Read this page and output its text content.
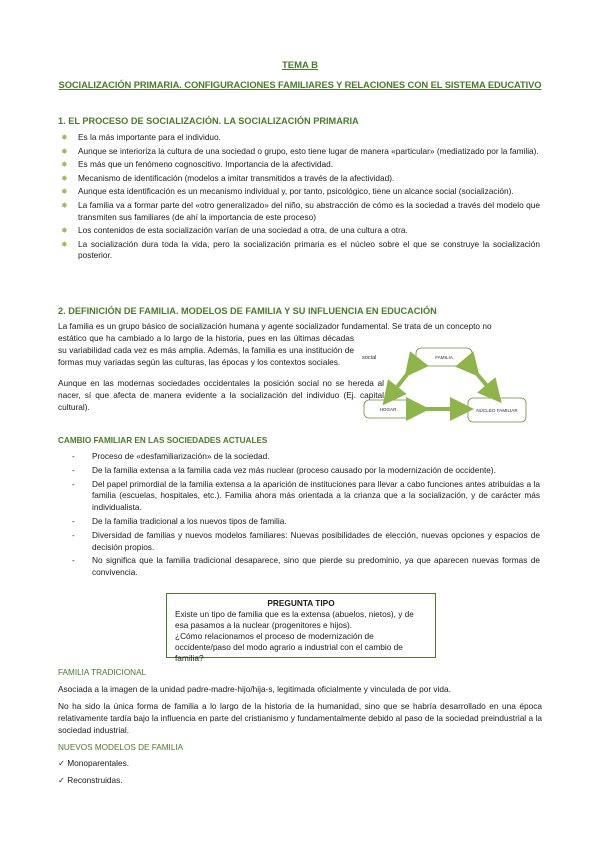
TEMA B
SOCIALIZACIÓN PRIMARIA. CONFIGURACIONES FAMILIARES Y RELACIONES CON EL SISTEMA EDUCATIVO
1. EL PROCESO DE SOCIALIZACIÓN. LA SOCIALIZACIÓN PRIMARIA
✸ Es la más importante para el individuo.
✸ Aunque se interioriza la cultura de una sociedad o grupo, esto tiene lugar de manera «particular» (mediatizado por la familia).
✸ Es más que un fenómeno cognoscitivo. Importancia de la afectividad.
✸ Mecanismo de identificación (modelos a imitar transmitidos a través de la afectividad).
✸ Aunque esta identificación es un mecanismo individual y, por tanto, psicológico, tiene un alcance social (socialización).
✸ La familia va a formar parte del «otro generalizado» del niño, su abstracción de cómo es la sociedad a través del modelo que transmiten sus familiares (de ahí la importancia de este proceso)
✸ Los contenidos de esta socialización varían de una sociedad a otra, de una cultura a otra.
✸ La socialización dura toda la vida, pero la socialización primaria es el núcleo sobre el que se construye la socialización posterior.
2. DEFINICIÓN DE FAMILIA. MODELOS DE FAMILIA Y SU INFLUENCIA EN EDUCACIÓN
La familia es un grupo básico de socialización humana y agente socializador fundamental. Se trata de un concepto no
estático que ha cambiado a lo largo de la historia, pues en las últimas décadas su variabilidad cada vez es más amplia. Además, la familia es una institución de formas muy variadas según las culturas, las épocas y los contextos sociales.
Aunque en las modernas sociedades occidentales la posición social no se hereda al nacer, sí que afecta de manera evidente a la socialización del individuo (Ej. capital cultural).
social	FAMILIA
HOGAR	NÚCLEO FAMILIAR
CAMBIO FAMILIAR EN LAS SOCIEDADES ACTUALES
- Proceso de «desfamiliarización» de la sociedad.
- De la familia extensa a la familia cada vez más nuclear (proceso causado por la modernización de occidente).
- Del papel primordial de la familia extensa a la aparición de instituciones para llevar a cabo funciones antes atribuidas a la familia (escuelas, hospitales, etc.). Familia ahora más orientada a la crianza que a la socialización, y de carácter más individualista.
- De la familia tradicional a los nuevos tipos de familia.
- Diversidad de familias y nuevos modelos familiares: Nuevas posibilidades de elección, nuevas opciones y espacios de decisión propios.
- No significa que la familia tradicional desaparece, sino que pierde su predominio, ya que aparecen nuevas formas de convivencia.
PREGUNTA TIPO
Existe un tipo de familia que es la extensa (abuelos, nietos), y de
esa pasamos a la nuclear (progenitores e hijos).
¿Cómo relacionamos el proceso de modernización de occidente/paso del modo agrario a industrial con el cambio de familia?
FAMILIA TRADICIONAL
Asociada a la imagen de la unidad padre-madre-hijo/hija-s, legitimada oficialmente y vinculada de por vida.
No ha sido la única forma de familia a lo largo de la historia de la humanidad, sino que se habría desarrollado en una época relativamente tardía bajo la influencia en parte del cristianismo y fundamentalmente debido al paso de la sociedad preindustrial a la sociedad industrial.
NUEVOS MODELOS DE FAMILIA
✓ Monoparentales.
✓ Reconstruidas.
